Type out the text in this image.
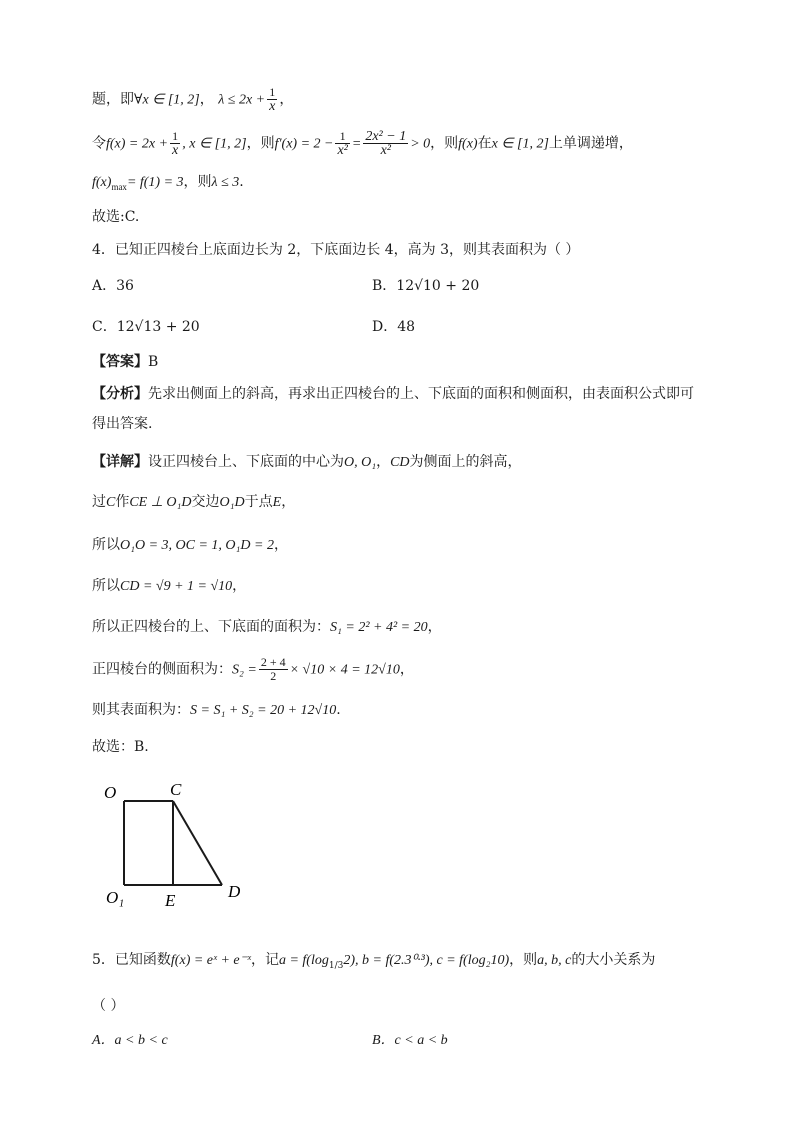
题，即∀x ∈ [1, 2]， $\lambda \le 2x + \frac{1}{x}$ ，
令$f(x) = 2x + \frac{1}{x}$ , x ∈ [1, 2]，则$f'(x) = 2 - \frac{1}{\text{x²}} = \frac{\text{2x² − 1}}{\text{x²}} > 0$，则f(x)在x ∈ [1, 2]上单调递增，
$f(x)_{max}= f(1) = 3$，则λ ≤ 3.
故选:C.
4．已知正四棱台上底面边长为 2，下底面边长 4，高为 3，则其表面积为（ ）
A．36	B．12√10 + 20
C．12√13 + 20	D．48
【答案】B
【分析】先求出侧面上的斜高，再求出正四棱台的上、下底面的面积和侧面积，由表面积公式即可
得出答案.
【详解】设正四棱台上、下底面的中心为O, O₁，CD为侧面上的斜高，
过C作CE ⊥ O₁D交边O₁D于点E，
所以O₁O = 3, OC = 1, O₁D = 2，
所以CD = √9 + 1 = √10，
所以正四棱台的上、下底面的面积为：S₁ = 2² + 4² = 20，
正四棱台的侧面积为：$S_2 = \frac{2 + 4}{2} \times √10 \times 4 = 12√10$，
则其表面积为：S = S₁ + S₂ = 20 + 12√10.
故选：B.
O	C
O₁ E	D
5．已知函数f(x) = eˣ + e⁻ˣ，记$a = f(\log_{1/3}2)$, b = f(2.3⁰·³), c = f(log₂10)，则a, b, c的大小关系为
（ ）
A．a < b < c	B．c < a < b
